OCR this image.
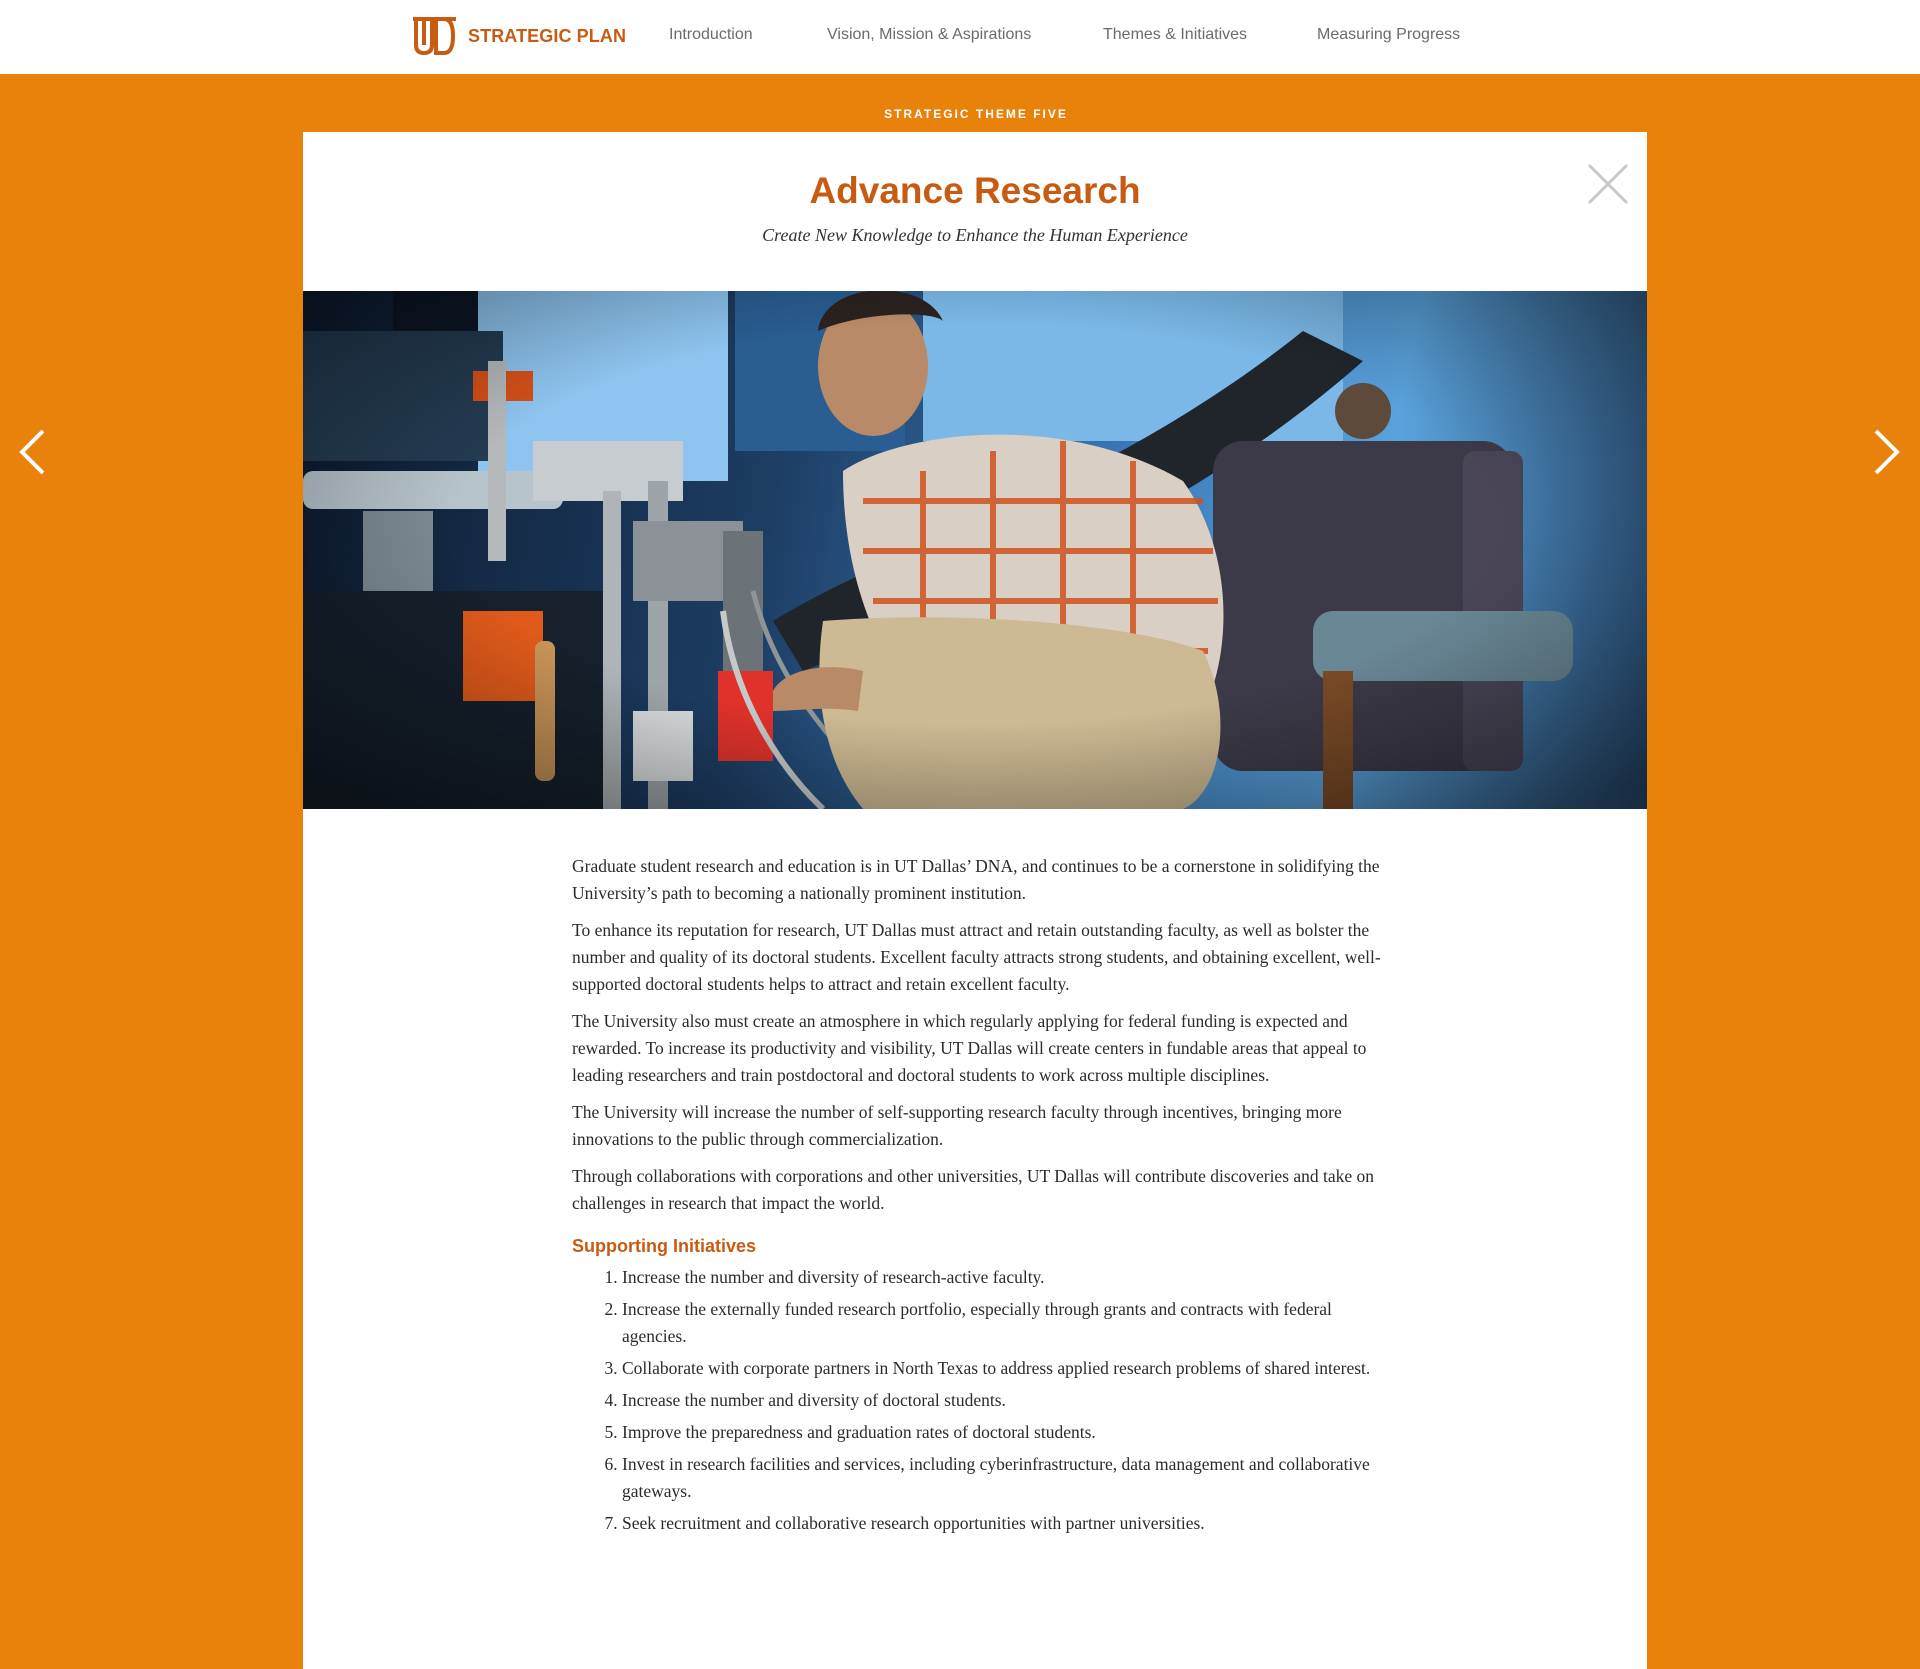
STRATEGIC PLAN	Introduction	Vision, Mission & Aspirations	Themes & Initiatives	Measuring Progress
STRATEGIC THEME FIVE
Advance Research
Create New Knowledge to Enhance the Human Experience

Graduate student research and education is in UT Dallas’ DNA, and continues to be a cornerstone in solidifying the University’s path to becoming a nationally prominent institution.

To enhance its reputation for research, UT Dallas must attract and retain outstanding faculty, as well as bolster the number and quality of its doctoral students. Excellent faculty attracts strong students, and obtaining excellent, well-supported doctoral students helps to attract and retain excellent faculty.

The University also must create an atmosphere in which regularly applying for federal funding is expected and rewarded. To increase its productivity and visibility, UT Dallas will create centers in fundable areas that appeal to leading researchers and train postdoctoral and doctoral students to work across multiple disciplines.

The University will increase the number of self-supporting research faculty through incentives, bringing more innovations to the public through commercialization.

Through collaborations with corporations and other universities, UT Dallas will contribute discoveries and take on challenges in research that impact the world.

Supporting Initiatives
1. Increase the number and diversity of research-active faculty.
2. Increase the externally funded research portfolio, especially through grants and contracts with federal agencies.
3. Collaborate with corporate partners in North Texas to address applied research problems of shared interest.
4. Increase the number and diversity of doctoral students.
5. Improve the preparedness and graduation rates of doctoral students.
6. Invest in research facilities and services, including cyberinfrastructure, data management and collaborative gateways.
7. Seek recruitment and collaborative research opportunities with partner universities.
